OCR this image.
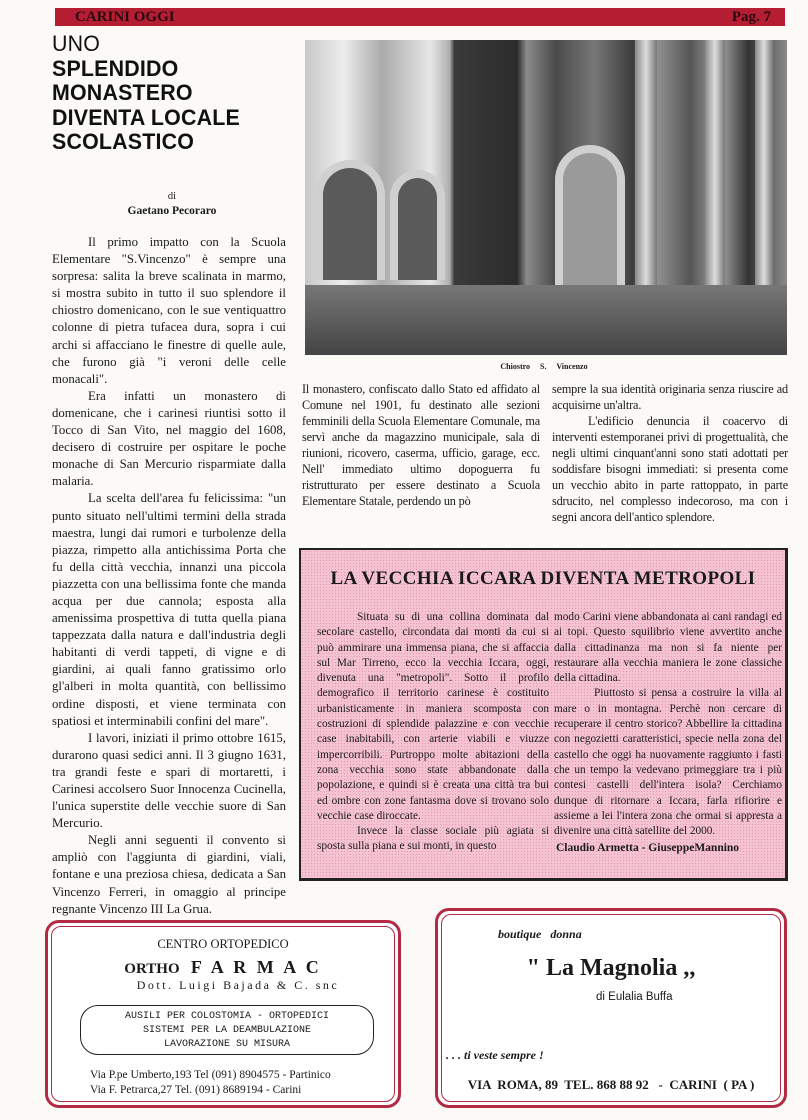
CARINI OGGI	Pag. 7
UNO
SPLENDIDO
MONASTERO
DIVENTA LOCALE
SCOLASTICO
di
Gaetano Pecoraro

Il primo impatto con la Scuola Elementare "S.Vincenzo" è sempre una sorpresa: salita la breve scalinata in marmo, si mostra subito in tutto il suo splendore il chiostro domenicano, con le sue ventiquattro colonne di pietra tufacea dura, sopra i cui archi si affacciano le finestre di quelle aule, che furono già "i veroni delle celle monacali".

Era infatti un monastero di domenicane, che i carinesi riuntisi sotto il Tocco di San Vito, nel maggio del 1608, decisero di costruire per ospitare le poche monache di San Mercurio risparmiate dalla malaria.

La scelta dell'area fu felicissima: "un punto situato nell'ultimi termini della strada maestra, lungi dai rumori e turbolenze della piazza, rimpetto alla antichissima Porta che fu della città vecchia, innanzi una piccola piazzetta con una bellissima fonte che manda acqua per due cannola; esposta alla amenissima prospettiva di tutta quella piana tappezzata dalla natura e dall'industria degli habitanti di verdi tappeti, di vigne e di giardini, ai quali fanno gratissimo orlo gl'alberi in molta quantità, con bellissimo ordine disposti, et viene terminata con spatiosi et interminabili confini del mare".

I lavori, iniziati il primo ottobre 1615, durarono quasi sedici anni. Il 3 giugno 1631, tra grandi feste e spari di mortaretti, i Carinesi accolsero Suor Innocenza Cucinella, l'unica superstite delle vecchie suore di San Mercurio.

Negli anni seguenti il convento si ampliò con l'aggiunta di giardini, viali, fontane e una preziosa chiesa, dedicata a San Vincenzo Ferreri, in omaggio al principe regnante Vincenzo III La Grua.

Chiostro S. Vincenzo

Il monastero, confiscato dallo Stato ed affidato al Comune nel 1901, fu destinato alle sezioni femminili della Scuola Elementare Comunale, ma servì anche da magazzino municipale, sala di riunioni, ricovero, caserma, ufficio, garage, ecc. Nell' immediato ultimo dopoguerra fu ristrutturato per essere destinato a Scuola Elementare Statale, perdendo un pò

sempre la sua identità originaria senza riuscire ad acquisirne un'altra.

L'edificio denuncia il coacervo di interventi estemporanei privi di progettualità, che negli ultimi cinquant'anni sono stati adottati per soddisfare bisogni immediati: si presenta come un vecchio abito in parte rattoppato, in parte sdrucito, nel complesso indecoroso, ma con i segni ancora dell'antico splendore.

LA VECCHIA ICCARA DIVENTA METROPOLI

Situata su di una collina dominata dal secolare castello, circondata dai monti da cui si può ammirare una immensa piana, che si affaccia sul Mar Tirreno, ecco la vecchia Iccara, oggi, divenuta una "metropoli". Sotto il profilo demografico il territorio carinese è costituito urbanisticamente in maniera scomposta con costruzioni di splendide palazzine e con vecchie case inabitabili, con arterie viabili e viuzze impercorribili. Purtroppo molte abitazioni della zona vecchia sono state abbandonate dalla popolazione, e quindi si è creata una città tra bui ed ombre con zone fantasma dove si trovano solo vecchie case diroccate.

Invece la classe sociale più agiata si sposta sulla piana e sui monti, in questo

modo Carini viene abbandonata ai cani randagi ed ai topi. Questo squilibrio viene avvertito anche dalla cittadinanza ma non si fa niente per restaurare alla vecchia maniera le zone classiche della cittadina.

Piuttosto si pensa a costruire la villa al mare o in montagna. Perchè non cercare di recuperare il centro storico? Abbellire la cittadina con negozietti caratteristici, specie nella zona del castello che oggi ha nuovamente raggiunto i fasti che un tempo la vedevano primeggiare tra i più contesi castelli dell'intera isola? Cerchiamo dunque di ritornare a Iccara, farla rifiorire e assieme a lei l'intera zona che ormai si appresta a divenire una città satellite del 2000.

Claudio Armetta - GiuseppeMannino
CENTRO ORTOPEDICO
ORTHO F A R M A C
Dott. Luigi Bajada & C. snc
AUSILI PER COLOSTOMIA - ORTOPEDICI
SISTEMI PER LA DEAMBULAZIONE
LAVORAZIONE SU MISURA
Via P.pe Umberto,193 Tel (091) 8904575 - Partinico
Via F. Petrarca,27 Tel. (091) 8689194 - Carini
boutique donna
" La Magnolia ,,
di Eulalia Buffa
. . . ti veste sempre !
VIA  ROMA, 89  TEL. 868 88 92   -  CARINI  ( PA )
